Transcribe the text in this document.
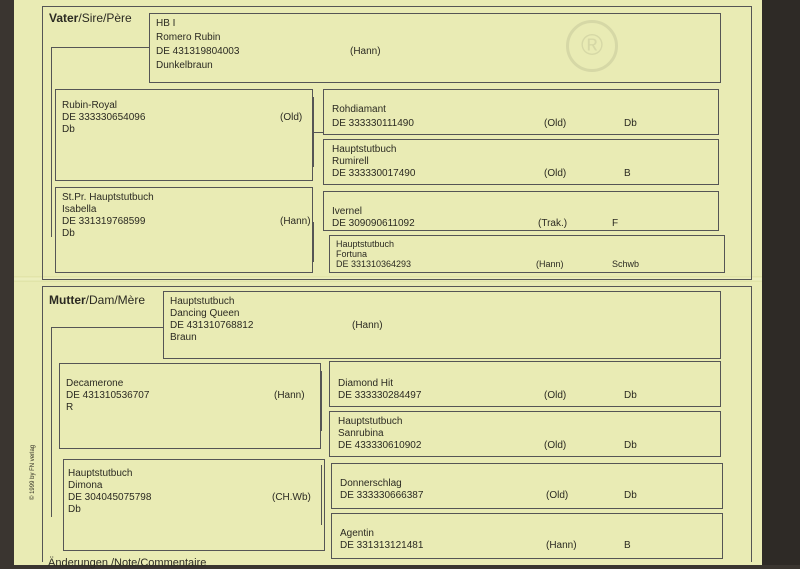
®
Vater/Sire/Père HB I
Romero Rubin
DE 431319804003	(Hann)
Dunkelbraun
Rubin-Royal
DE 333330654096	(Old)
Db
St.Pr. Hauptstutbuch
Isabella
DE 331319768599	(Hann)
Db
Rohdiamant
DE 333330111490	(Old)	Db
Hauptstutbuch
Rumirell
DE 333330017490	(Old)	B
Ivernel
DE 309090611092	(Trak.)	F
Hauptstutbuch
Fortuna
DE 331310364293	(Hann)	Schwb
Mutter/Dam/Mère Hauptstutbuch
Dancing Queen
DE 431310768812	(Hann)
Braun
Decamerone
DE 431310536707	(Hann)
R
Hauptstutbuch
Dimona
DE 304045075798	(CH.Wb)
Db
Diamond Hit
DE 333330284497	(Old)	Db
Hauptstutbuch
Sanrubina
DE 433330610902	(Old)	Db
Donnerschlag
DE 333330666387	(Old)	Db
Agentin
DE 331313121481	(Hann)	B
© 1999 by FN verlag
Änderungen /Note/Commentaire
